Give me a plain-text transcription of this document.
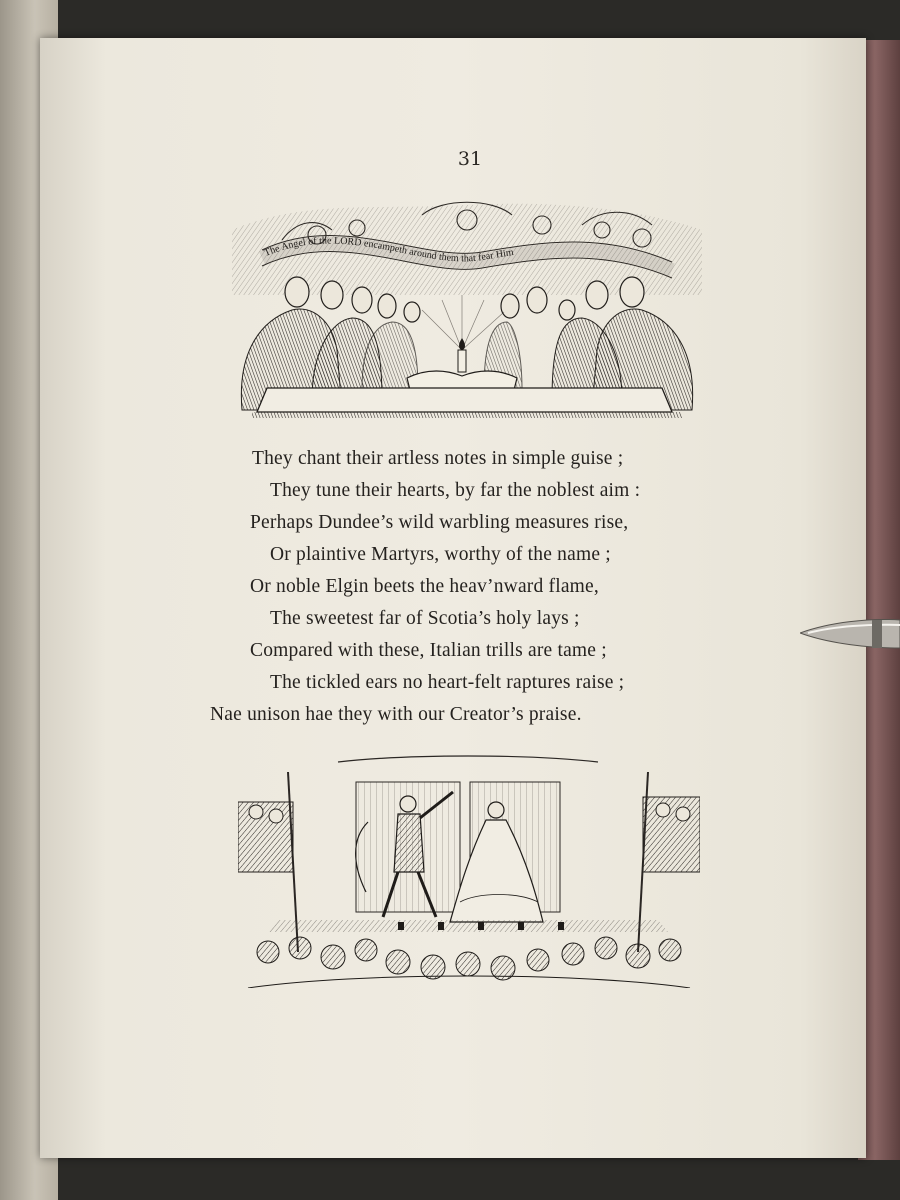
31
The Angel of the LORD encampeth around them that fear Him
They chant their artless notes in simple guise ;
They tune their hearts, by far the noblest aim :
Perhaps Dundee’s wild warbling measures rise,
Or plaintive Martyrs, worthy of the name ;
Or noble Elgin beets the heav’nward flame,
The sweetest far of Scotia’s holy lays ;
Compared with these, Italian trills are tame ;
The tickled ears no heart-felt raptures raise ;
Nae unison hae they with our Creator’s praise.
